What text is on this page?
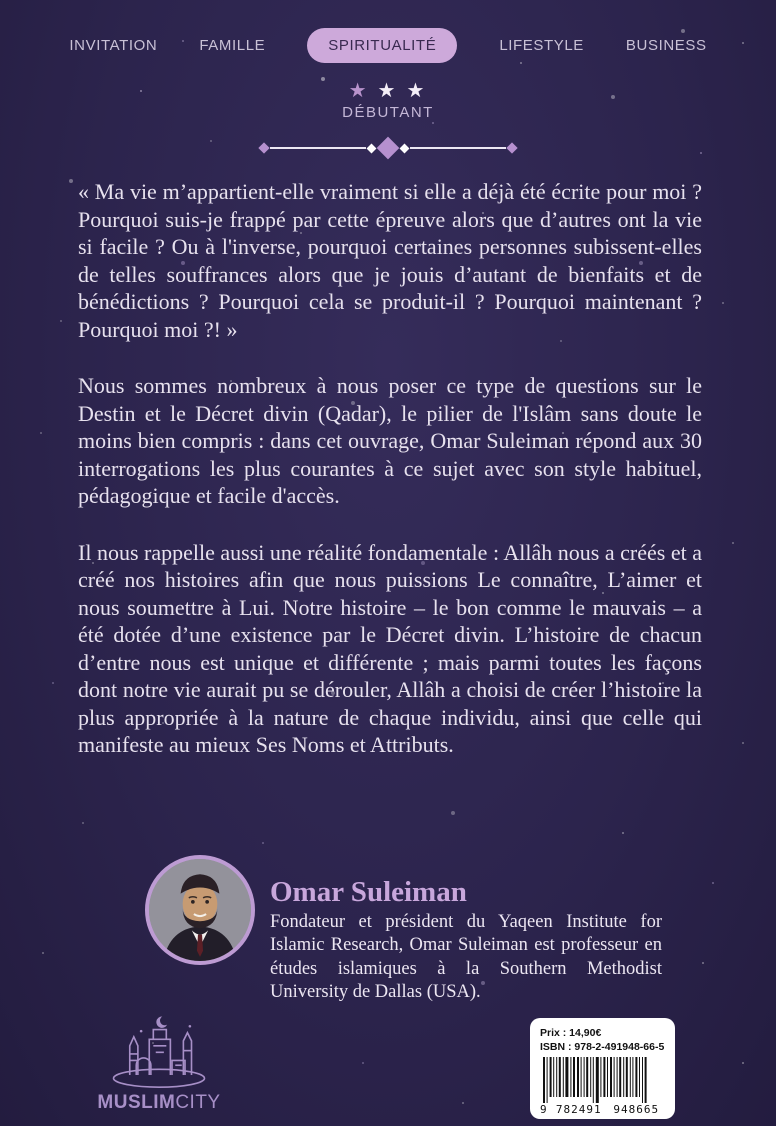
INVITATION	FAMILLE	SPIRITUALITÉ	LIFESTYLE	BUSINESS
★ ★ ★
DÉBUTANT

« Ma vie m’appartient-elle vraiment si elle a déjà été écrite pour moi ? Pourquoi suis-je frappé par cette épreuve alors que d’autres ont la vie si facile ? Ou à l'inverse, pourquoi certaines personnes subissent-elles de telles souffrances alors que je jouis d’autant de bienfaits et de bénédictions ? Pourquoi cela se produit-il ? Pourquoi maintenant ? Pourquoi moi ?! »

Nous sommes nombreux à nous poser ce type de questions sur le Destin et le Décret divin (Qadar), le pilier de l'Islâm sans doute le moins bien compris : dans cet ouvrage, Omar Suleiman répond aux 30 interrogations les plus courantes à ce sujet avec son style habituel, pédagogique et facile d'accès.

Il nous rappelle aussi une réalité fondamentale : Allâh nous a créés et a créé nos histoires afin que nous puissions Le connaître, L’aimer et nous soumettre à Lui. Notre histoire – le bon comme le mauvais – a été dotée d’une existence par le Décret divin. L’histoire de chacun d’entre nous est unique et différente ; mais parmi toutes les façons dont notre vie aurait pu se dérouler, Allâh a choisi de créer l’histoire la plus appropriée à la nature de chaque individu, ainsi que celle qui manifeste au mieux Ses Noms et Attributs.

Omar Suleiman

Fondateur et président du Yaqeen Institute for Islamic Research, Omar Suleiman est professeur en études islamiques à la Southern Methodist University de Dallas (USA).

MUSLIMCITY
Prix : 14,90€
ISBN : 978-2-491948-66-5
9 782491	948665
